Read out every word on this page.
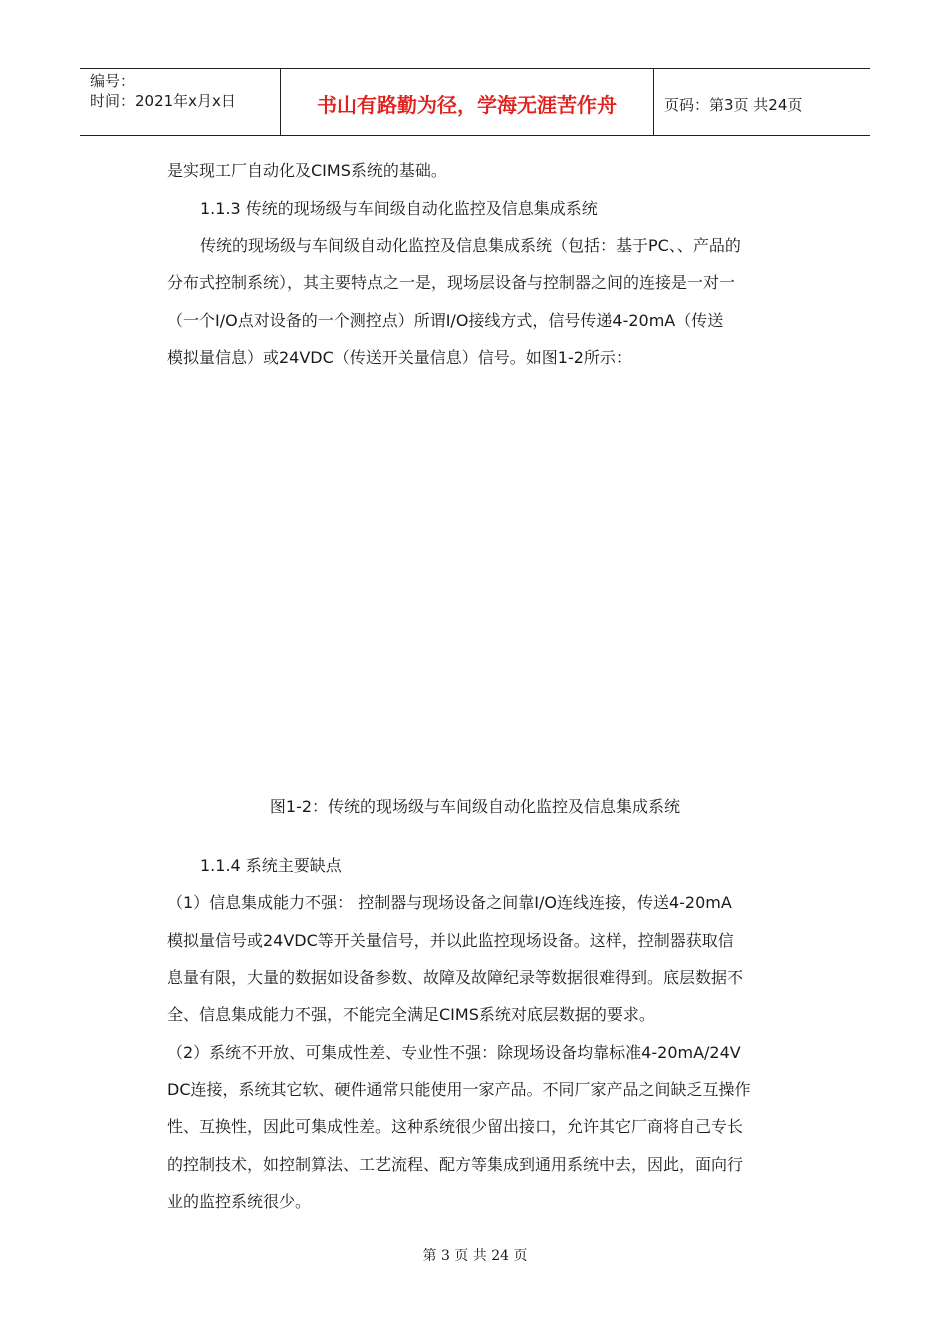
编号：
时间：2021年x月x日	书山有路勤为径，学海无涯苦作舟	页码：第3页 共24页
是实现工厂自动化及CIMS系统的基础。
1.1.3 传统的现场级与车间级自动化监控及信息集成系统
传统的现场级与车间级自动化监控及信息集成系统（包括：基于PC、、产品的
分布式控制系统），其主要特点之一是，现场层设备与控制器之间的连接是一对一
（一个I/O点对设备的一个测控点）所谓I/O接线方式，信号传递4-20mA（传送
模拟量信息）或24VDC（传送开关量信息）信号。如图1-2所示：
图1-2：传统的现场级与车间级自动化监控及信息集成系统
1.1.4 系统主要缺点
（1）信息集成能力不强： 控制器与现场设备之间靠I/O连线连接，传送4-20mA
模拟量信号或24VDC等开关量信号，并以此监控现场设备。这样，控制器获取信
息量有限，大量的数据如设备参数、故障及故障纪录等数据很难得到。底层数据不
全、信息集成能力不强，不能完全满足CIMS系统对底层数据的要求。
（2）系统不开放、可集成性差、专业性不强：除现场设备均靠标准4-20mA/24V
DC连接，系统其它软、硬件通常只能使用一家产品。不同厂家产品之间缺乏互操作
性、互换性，因此可集成性差。这种系统很少留出接口，允许其它厂商将自己专长
的控制技术，如控制算法、工艺流程、配方等集成到通用系统中去，因此，面向行
业的监控系统很少。
第 3 页 共 24 页
